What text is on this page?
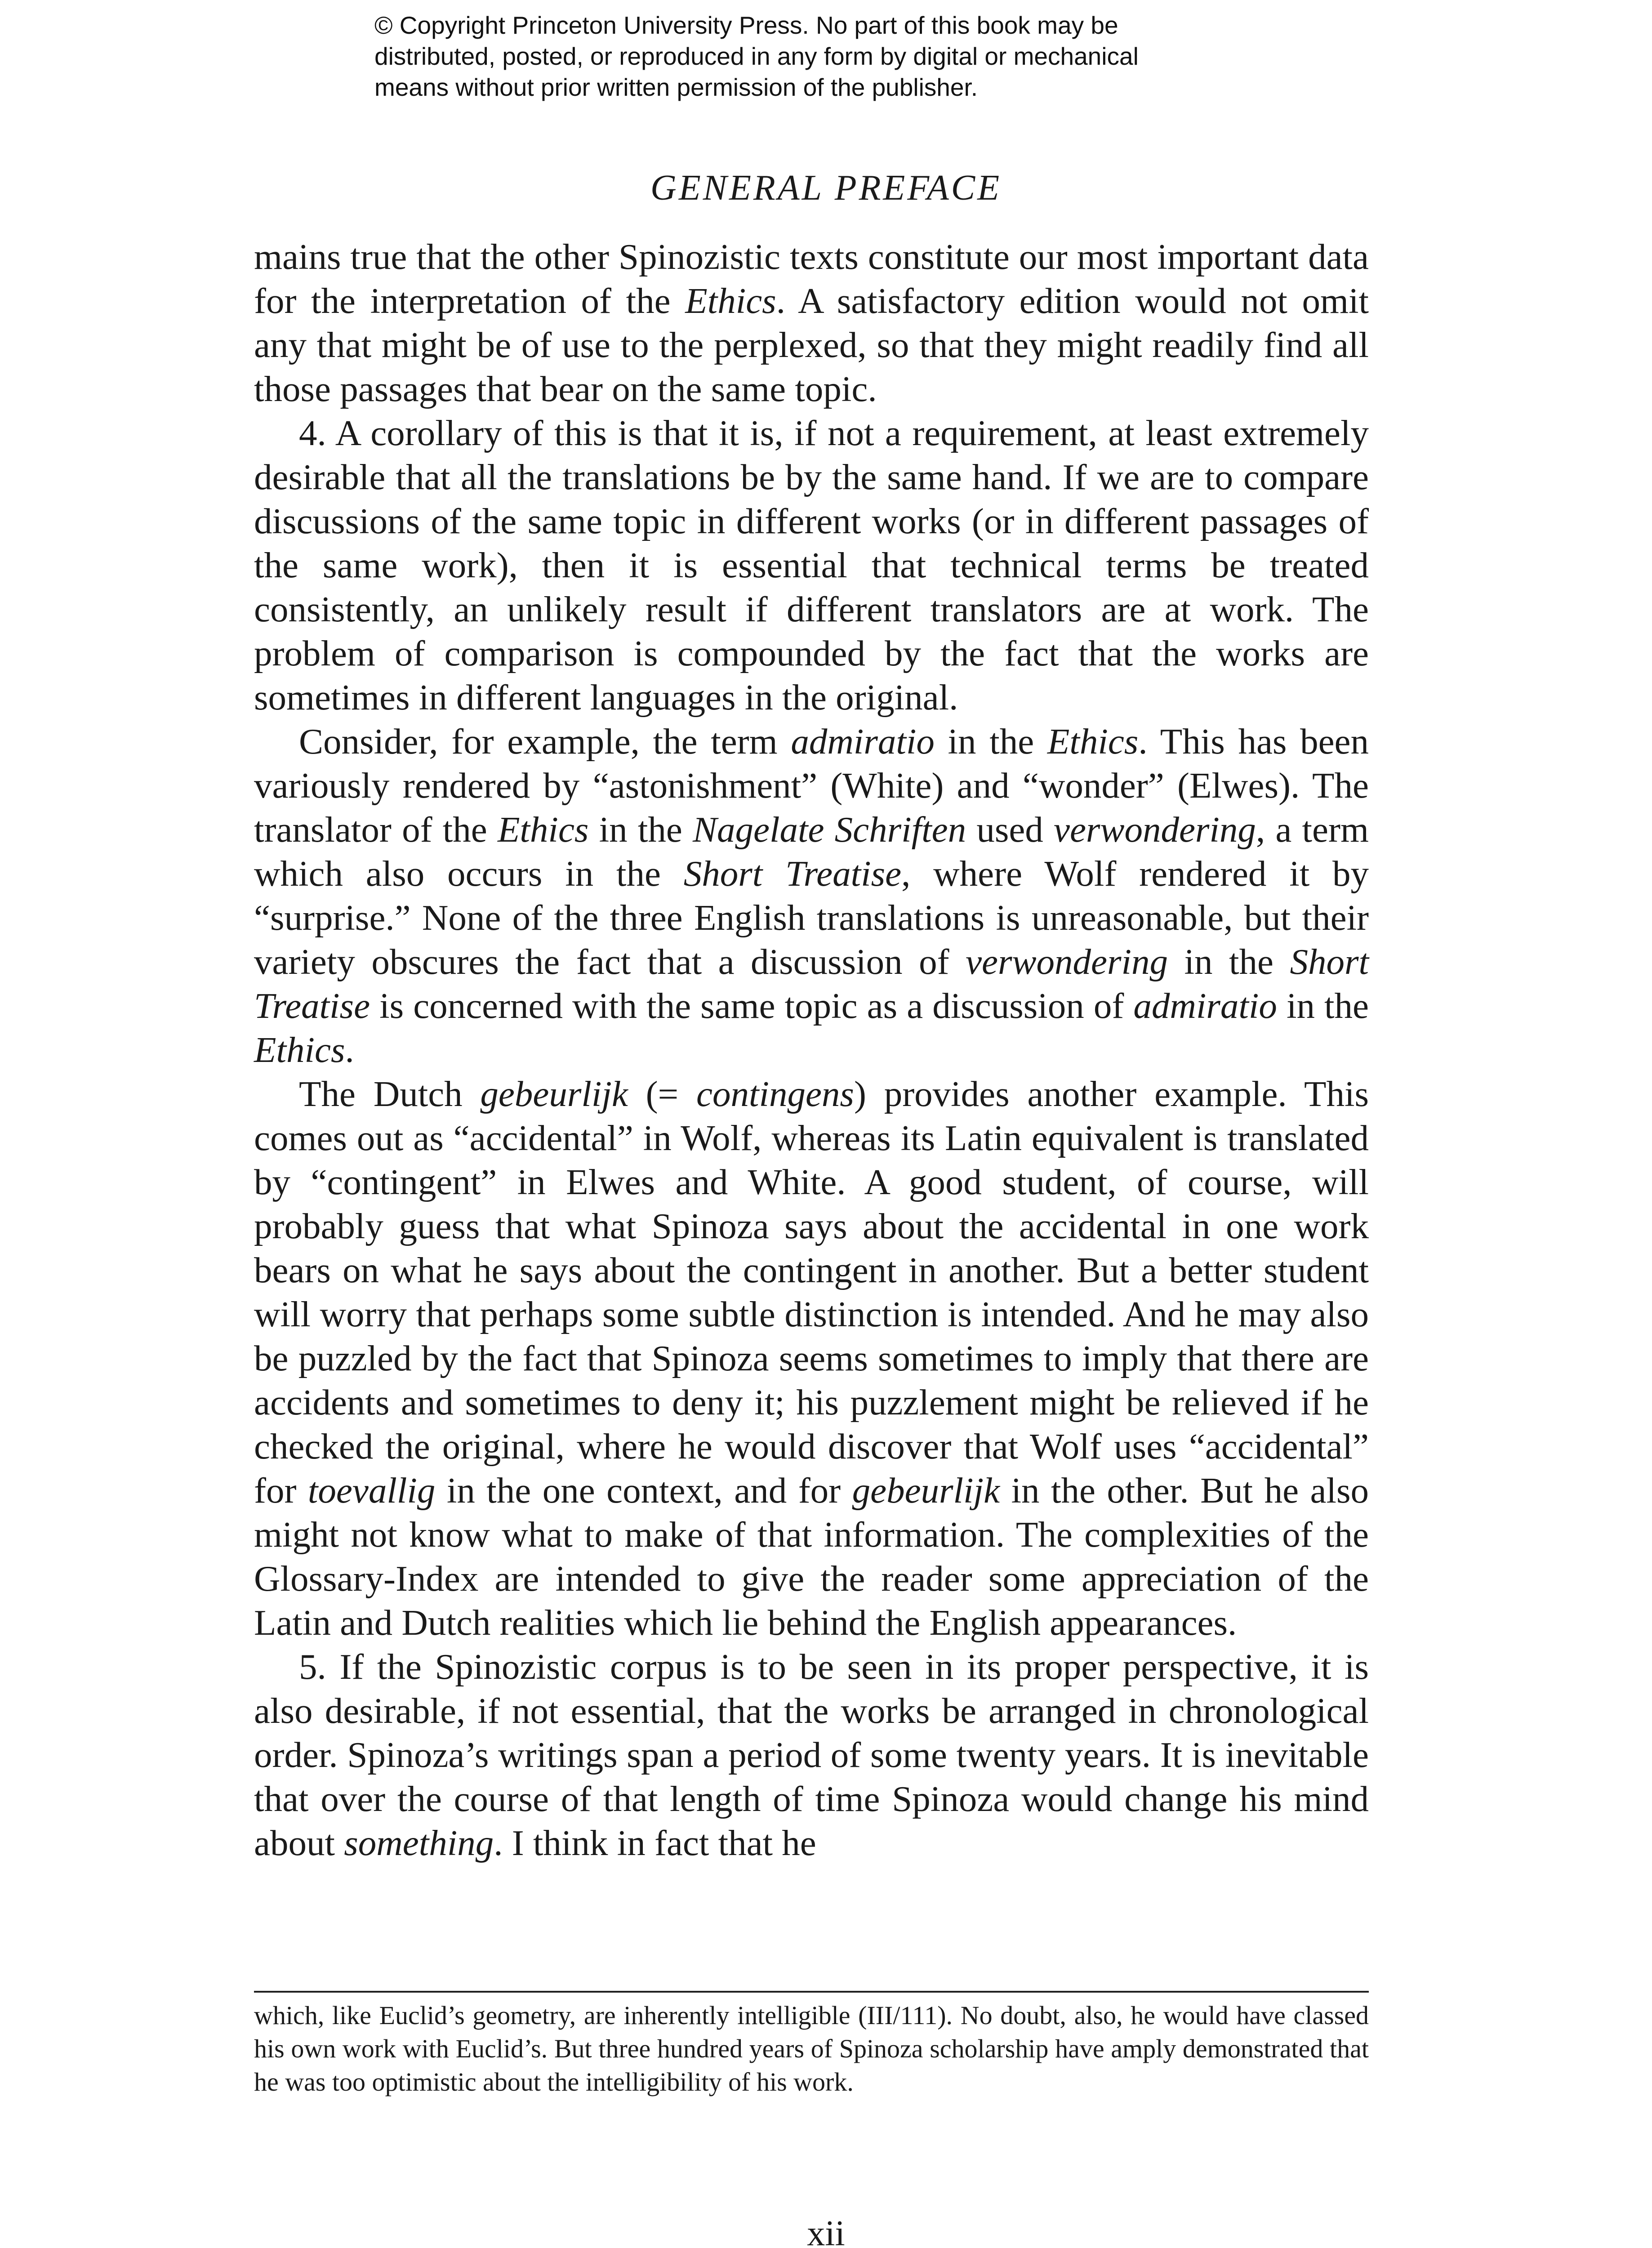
© Copyright Princeton University Press. No part of this book may be
distributed, posted, or reproduced in any form by digital or mechanical
means without prior written permission of the publisher.
GENERAL PREFACE

mains true that the other Spinozistic texts constitute our most important data for the interpretation of the Ethics. A satisfactory edition would not omit any that might be of use to the perplexed, so that they might readily find all those passages that bear on the same topic.

4. A corollary of this is that it is, if not a requirement, at least extremely desirable that all the translations be by the same hand. If we are to compare discussions of the same topic in different works (or in different passages of the same work), then it is essential that technical terms be treated consistently, an unlikely result if different translators are at work. The problem of comparison is compounded by the fact that the works are sometimes in different languages in the original.

Consider, for example, the term admiratio in the Ethics. This has been variously rendered by “astonishment” (White) and “wonder” (Elwes). The translator of the Ethics in the Nagelate Schriften used verwondering, a term which also occurs in the Short Treatise, where Wolf rendered it by “surprise.” None of the three English translations is unreasonable, but their variety obscures the fact that a discussion of verwondering in the Short Treatise is concerned with the same topic as a discussion of admiratio in the Ethics.

The Dutch gebeurlijk (= contingens) provides another example. This comes out as “accidental” in Wolf, whereas its Latin equivalent is translated by “contingent” in Elwes and White. A good student, of course, will probably guess that what Spinoza says about the accidental in one work bears on what he says about the contingent in another. But a better student will worry that perhaps some subtle distinction is intended. And he may also be puzzled by the fact that Spinoza seems sometimes to imply that there are accidents and sometimes to deny it; his puzzlement might be relieved if he checked the original, where he would discover that Wolf uses “accidental” for toevallig in the one context, and for gebeurlijk in the other. But he also might not know what to make of that information. The complexities of the Glossary-Index are intended to give the reader some appreciation of the Latin and Dutch realities which lie behind the English appearances.

5. If the Spinozistic corpus is to be seen in its proper perspective, it is also desirable, if not essential, that the works be arranged in chronological order. Spinoza’s writings span a period of some twenty years. It is inevitable that over the course of that length of time Spinoza would change his mind about something. I think in fact that he

which, like Euclid’s geometry, are inherently intelligible (III/111). No doubt, also, he would have classed his own work with Euclid’s. But three hundred years of Spinoza scholarship have amply demonstrated that he was too optimistic about the intelligibility of his work.
xii
